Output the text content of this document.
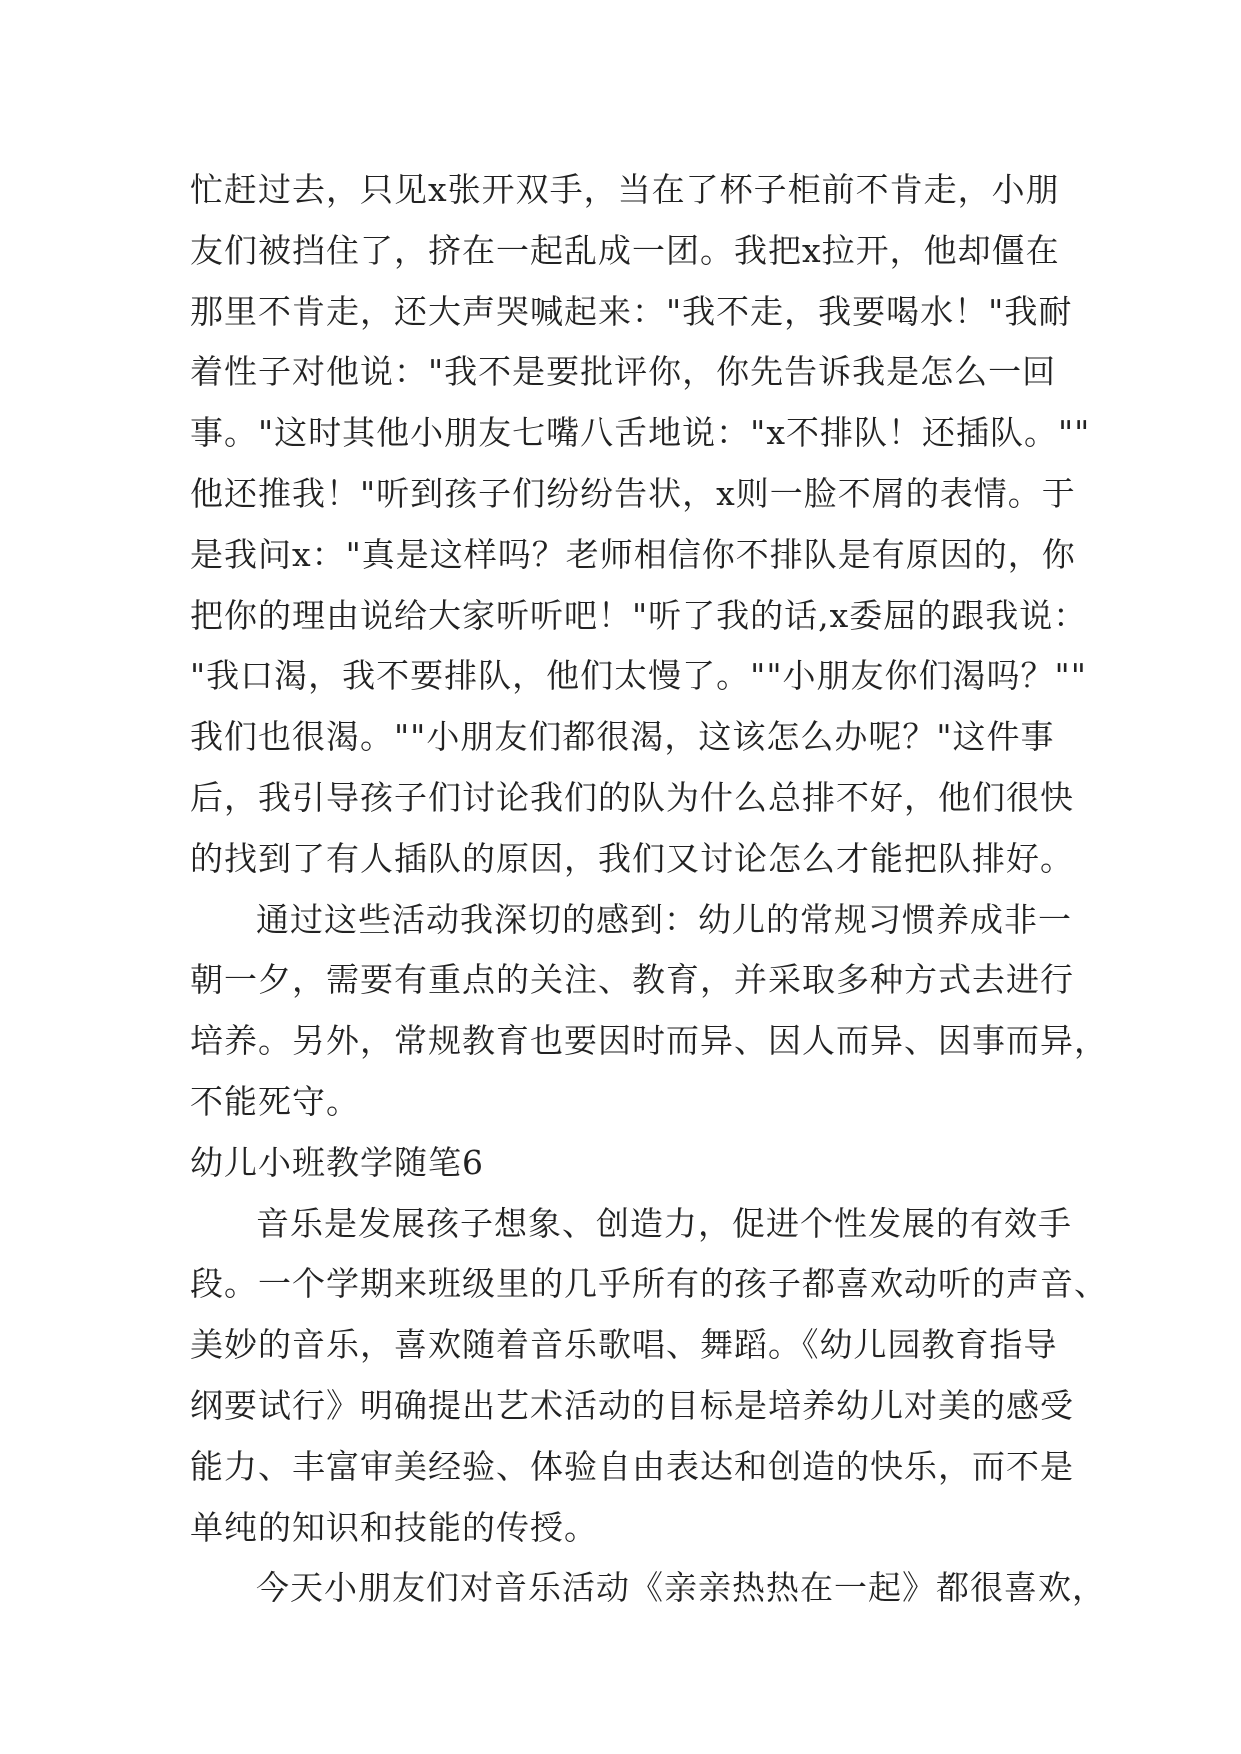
忙赶过去，只见x张开双手，当在了杯子柜前不肯走，小朋
友们被挡住了，挤在一起乱成一团。我把x拉开，他却僵在
那里不肯走，还大声哭喊起来："我不走，我要喝水！"我耐
着性子对他说："我不是要批评你，你先告诉我是怎么一回
事。"这时其他小朋友七嘴八舌地说："x不排队！还插队。""
他还推我！"听到孩子们纷纷告状，x则一脸不屑的表情。于
是我问x："真是这样吗？老师相信你不排队是有原因的，你
把你的理由说给大家听听吧！"听了我的话,x委屈的跟我说：
"我口渴，我不要排队，他们太慢了。""小朋友你们渴吗？""
我们也很渴。""小朋友们都很渴，这该怎么办呢？"这件事
后，我引导孩子们讨论我们的队为什么总排不好，他们很快
的找到了有人插队的原因，我们又讨论怎么才能把队排好。
通过这些活动我深切的感到：幼儿的常规习惯养成非一
朝一夕，需要有重点的关注、教育，并采取多种方式去进行
培养。另外，常规教育也要因时而异、因人而异、因事而异，
不能死守。
幼儿小班教学随笔6
音乐是发展孩子想象、创造力，促进个性发展的有效手
段。一个学期来班级里的几乎所有的孩子都喜欢动听的声音、
美妙的音乐，喜欢随着音乐歌唱、舞蹈。《幼儿园教育指导
纲要试行》明确提出艺术活动的目标是培养幼儿对美的感受
能力、丰富审美经验、体验自由表达和创造的快乐，而不是
单纯的知识和技能的传授。
今天小朋友们对音乐活动《亲亲热热在一起》都很喜欢，
